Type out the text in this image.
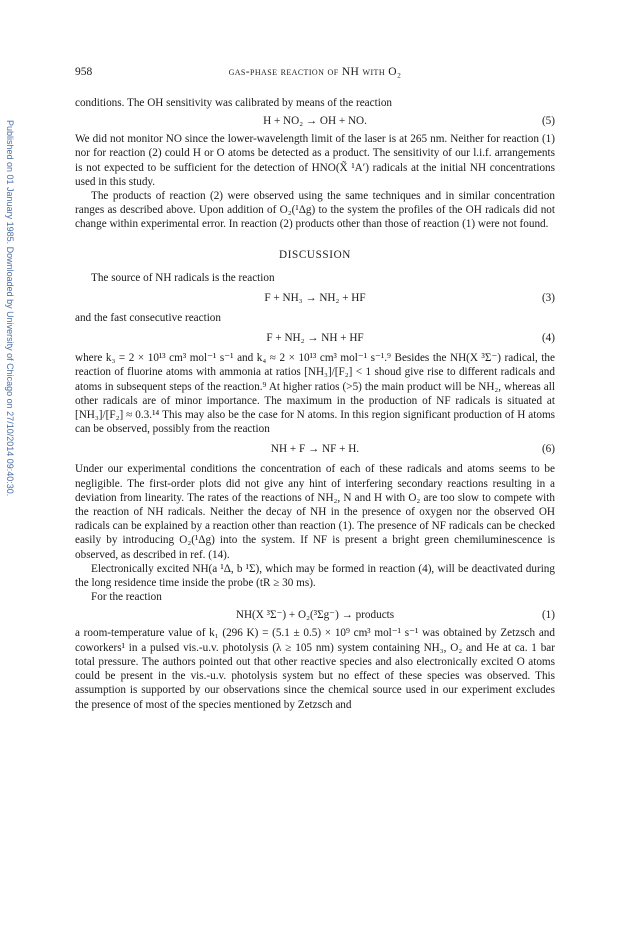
Published on 01 January 1985. Downloaded by University of Chicago on 27/10/2014 09:40:30.
958	gas-phase reaction of NH with O₂

conditions. The OH sensitivity was calibrated by means of the reaction

H + NO₂ → OH + NO.	(5)

We did not monitor NO since the lower-wavelength limit of the laser is at 265 nm. Neither for reaction (1) nor for reaction (2) could H or O atoms be detected as a product. The sensitivity of our l.i.f. arrangements is not expected to be sufficient for the detection of HNO(X̃ ¹A′) radicals at the initial NH concentrations used in this study.

The products of reaction (2) were observed using the same techniques and in similar concentration ranges as described above. Upon addition of O₂(¹Δg) to the system the profiles of the OH radicals did not change within experimental error. In reaction (2) products other than those of reaction (1) were not found.

DISCUSSION

The source of NH radicals is the reaction

F + NH₃ → NH₂ + HF	(3)

and the fast consecutive reaction

F + NH₂ → NH + HF	(4)

where k₃ = 2 × 10¹³ cm³ mol⁻¹ s⁻¹ and k₄ ≈ 2 × 10¹³ cm³ mol⁻¹ s⁻¹.⁹ Besides the NH(X ³Σ⁻) radical, the reaction of fluorine atoms with ammonia at ratios [NH₃]/[F₂] < 1 shoud give rise to different radicals and atoms in subsequent steps of the reaction.⁹ At higher ratios (>5) the main product will be NH₂, whereas all other radicals are of minor importance. The maximum in the production of NF radicals is situated at [NH₃]/[F₂] ≈ 0.3.¹⁴ This may also be the case for N atoms. In this region significant production of H atoms can be observed, possibly from the reaction

NH + F → NF + H.	(6)

Under our experimental conditions the concentration of each of these radicals and atoms seems to be negligible. The first-order plots did not give any hint of interfering secondary reactions resulting in a deviation from linearity. The rates of the reactions of NH₂, N and H with O₂ are too slow to compete with the reaction of NH radicals. Neither the decay of NH in the presence of oxygen nor the observed OH radicals can be explained by a reaction other than reaction (1). The presence of NF radicals can be checked easily by introducing O₂(¹Δg) into the system. If NF is present a bright green chemiluminescence is observed, as described in ref. (14).

Electronically excited NH(a ¹Δ, b ¹Σ), which may be formed in reaction (4), will be deactivated during the long residence time inside the probe (tR ≥ 30 ms).

For the reaction

NH(X ³Σ⁻) + O₂(³Σg⁻) → products	(1)

a room-temperature value of k₁ (296 K) = (5.1 ± 0.5) × 10⁹ cm³ mol⁻¹ s⁻¹ was obtained by Zetzsch and coworkers¹ in a pulsed vis.-u.v. photolysis (λ ≥ 105 nm) system containing NH₃, O₂ and He at ca. 1 bar total pressure. The authors pointed out that other reactive species and also electronically excited O atoms could be present in the vis.-u.v. photolysis system but no effect of these species was observed. This assumption is supported by our observations since the chemical source used in our experiment excludes the presence of most of the species mentioned by Zetzsch and
